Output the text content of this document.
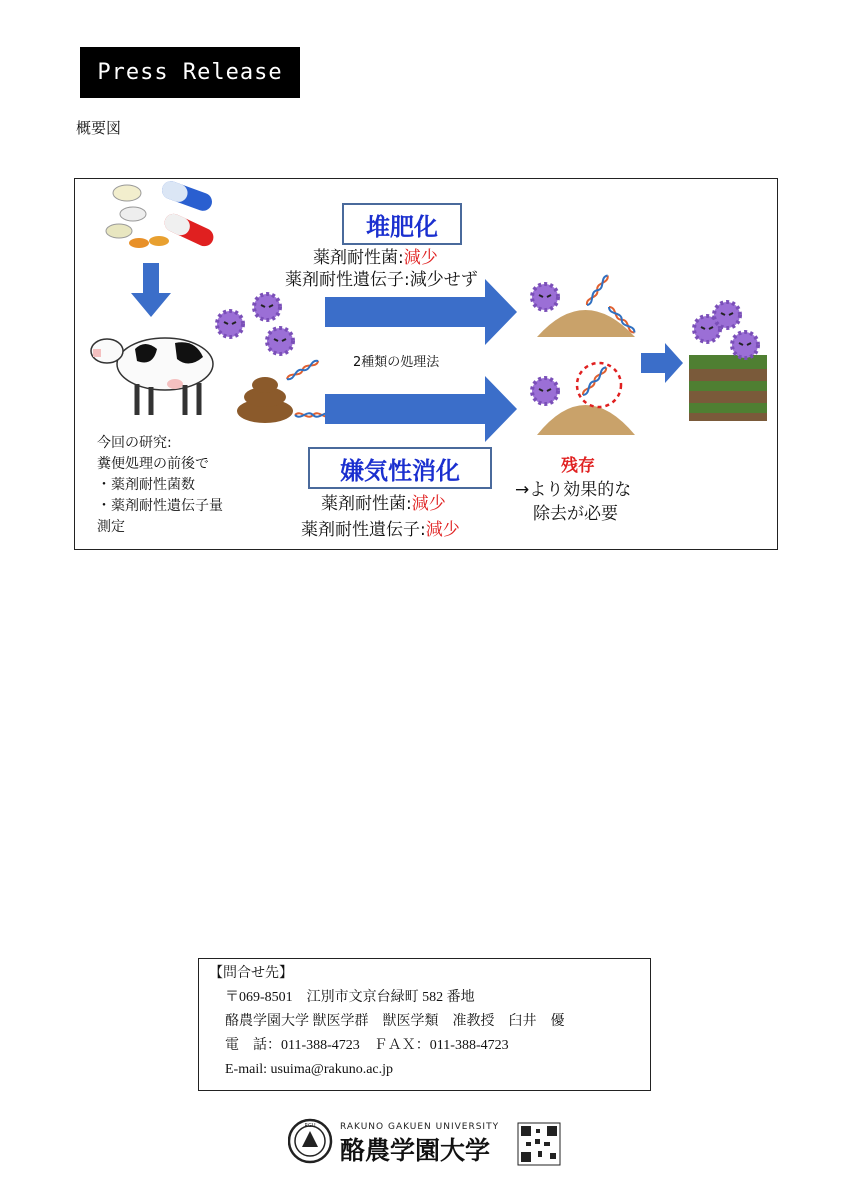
Press Release
概要図
堆肥化
薬剤耐性菌:減少
薬剤耐性遺伝子:減少せず
2種類の処理法
嫌気性消化
薬剤耐性菌:減少
薬剤耐性遺伝子:減少
今回の研究:
糞便処理の前後で
・薬剤耐性菌数
・薬剤耐性遺伝子量
測定
残存
→より効果的な
除去が必要
【問合せ先】
〒069-8501　江別市文京台緑町 582 番地
酪農学園大学 獣医学群　獣医学類　准教授　臼井　優
電　話：011-388-4723　ＦＡＸ：011-388-4723
E-mail: usuima@rakuno.ac.jp
RGU	RAKUNO GAKUEN UNIVERSITY
酪農学園大学
